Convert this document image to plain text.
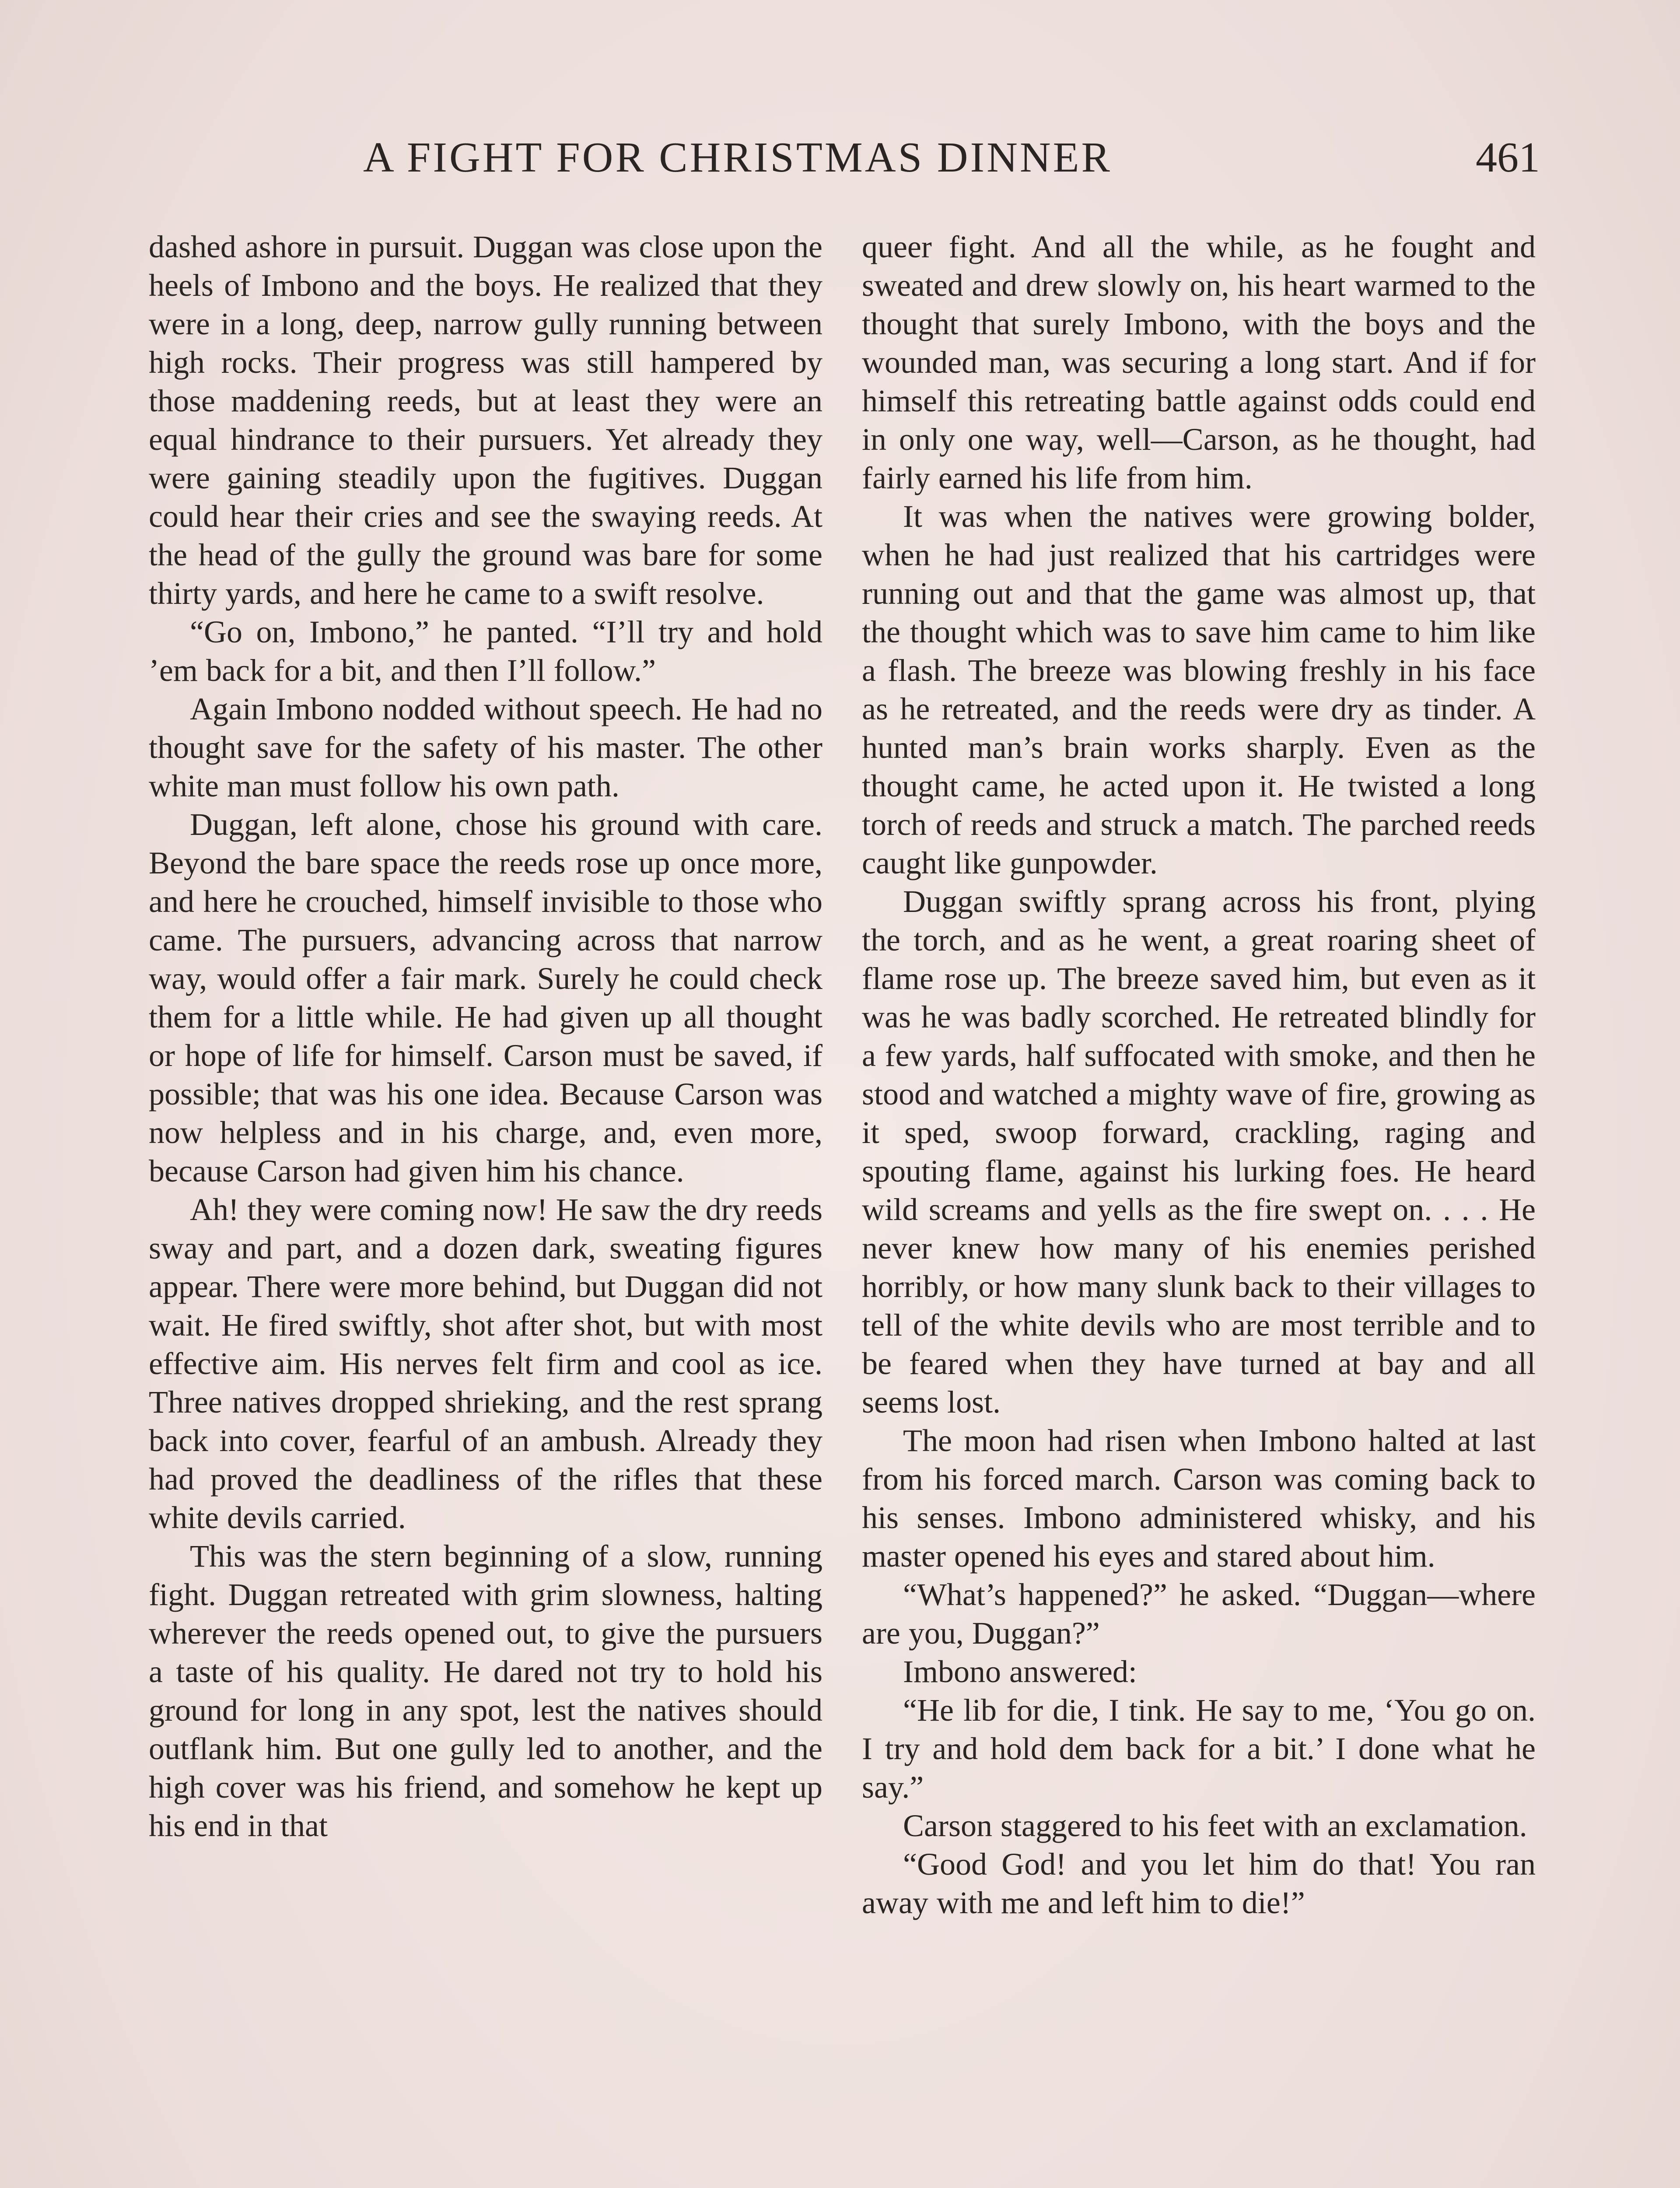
A FIGHT FOR CHRISTMAS DINNER	461

dashed ashore in pursuit. Duggan was close upon the heels of Imbono and the boys. He realized that they were in a long, deep, narrow gully running between high rocks. Their progress was still hampered by those maddening reeds, but at least they were an equal hindrance to their pursuers. Yet already they were gaining steadily upon the fugitives. Duggan could hear their cries and see the swaying reeds. At the head of the gully the ground was bare for some thirty yards, and here he came to a swift resolve.

“Go on, Imbono,” he panted. “I’ll try and hold ’em back for a bit, and then I’ll follow.”

Again Imbono nodded without speech. He had no thought save for the safety of his master. The other white man must follow his own path.

Duggan, left alone, chose his ground with care. Beyond the bare space the reeds rose up once more, and here he crouched, himself invisible to those who came. The pursuers, advancing across that narrow way, would offer a fair mark. Surely he could check them for a little while. He had given up all thought or hope of life for himself. Carson must be saved, if possible; that was his one idea. Because Carson was now helpless and in his charge, and, even more, because Carson had given him his chance.

Ah! they were coming now! He saw the dry reeds sway and part, and a dozen dark, sweating figures appear. There were more behind, but Duggan did not wait. He fired swiftly, shot after shot, but with most effective aim. His nerves felt firm and cool as ice. Three natives dropped shrieking, and the rest sprang back into cover, fearful of an ambush. Already they had proved the deadliness of the rifles that these white devils carried.

This was the stern beginning of a slow, running fight. Duggan retreated with grim slowness, halting wherever the reeds opened out, to give the pursuers a taste of his quality. He dared not try to hold his ground for long in any spot, lest the natives should outflank him. But one gully led to another, and the high cover was his friend, and somehow he kept up his end in that

queer fight. And all the while, as he fought and sweated and drew slowly on, his heart warmed to the thought that surely Imbono, with the boys and the wounded man, was securing a long start. And if for himself this retreating battle against odds could end in only one way, well—Carson, as he thought, had fairly earned his life from him.

It was when the natives were growing bolder, when he had just realized that his cartridges were running out and that the game was almost up, that the thought which was to save him came to him like a flash. The breeze was blowing freshly in his face as he retreated, and the reeds were dry as tinder. A hunted man’s brain works sharply. Even as the thought came, he acted upon it. He twisted a long torch of reeds and struck a match. The parched reeds caught like gunpowder.

Duggan swiftly sprang across his front, plying the torch, and as he went, a great roaring sheet of flame rose up. The breeze saved him, but even as it was he was badly scorched. He retreated blindly for a few yards, half suffocated with smoke, and then he stood and watched a mighty wave of fire, growing as it sped, swoop forward, crackling, raging and spouting flame, against his lurking foes. He heard wild screams and yells as the fire swept on. . . . He never knew how many of his enemies perished horribly, or how many slunk back to their villages to tell of the white devils who are most terrible and to be feared when they have turned at bay and all seems lost.

The moon had risen when Imbono halted at last from his forced march. Carson was coming back to his senses. Imbono administered whisky, and his master opened his eyes and stared about him.

“What’s happened?” he asked. “Duggan—where are you, Duggan?”

Imbono answered:

“He lib for die, I tink. He say to me, ‘You go on. I try and hold dem back for a bit.’ I done what he say.”

Carson staggered to his feet with an exclamation.

“Good God! and you let him do that! You ran away with me and left him to die!”
